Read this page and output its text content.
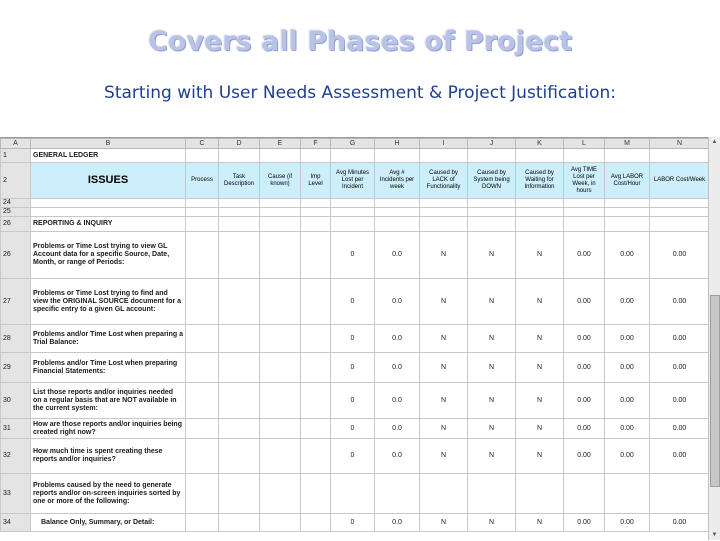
Covers all Phases of Project
Starting with User Needs Assessment & Project Justification:
A	B	C	D	E	F	G	H	I	J	K	L	M	N
1	GENERAL LEDGER												
2	ISSUES	Process	Task Description	Cause (if known)	Imp Level	Avg Minutes Lost per Incident	Avg # Incidents per week	Caused by LACK of Functionality	Caused by System being DOWN	Caused by Waiting for Information	Avg TIME Lost per Week, in hours	Avg LABOR Cost/Hour	LABOR Cost/Week
24													
25													
26	REPORTING & INQUIRY												
26	Problems or Time Lost trying to view GL Account data for a specific Source, Date, Month, or range of Periods:					0	0.0	N	N	N	0.00	0.00	0.00
27	Problems or Time Lost trying to find and view the ORIGINAL SOURCE document for a specific entry to a given GL account:					0	0.0	N	N	N	0.00	0.00	0.00
28	Problems and/or Time Lost when preparing a Trial Balance:					0	0.0	N	N	N	0.00	0.00	0.00
29	Problems and/or Time Lost when preparing Financial Statements:					0	0.0	N	N	N	0.00	0.00	0.00
30	List those reports and/or inquiries needed on a regular basis that are NOT available in the current system:					0	0.0	N	N	N	0.00	0.00	0.00
31	How are those reports and/or inquiries being created right now?					0	0.0	N	N	N	0.00	0.00	0.00
32	How much time is spent creating these reports and/or inquiries?					0	0.0	N	N	N	0.00	0.00	0.00
33	Problems caused by the need to generate reports and/or on-screen inquiries sorted by one or more of the following:												
34	Balance Only, Summary, or Detail:					0	0.0	N	N	N	0.00	0.00	0.00
▲
▼
